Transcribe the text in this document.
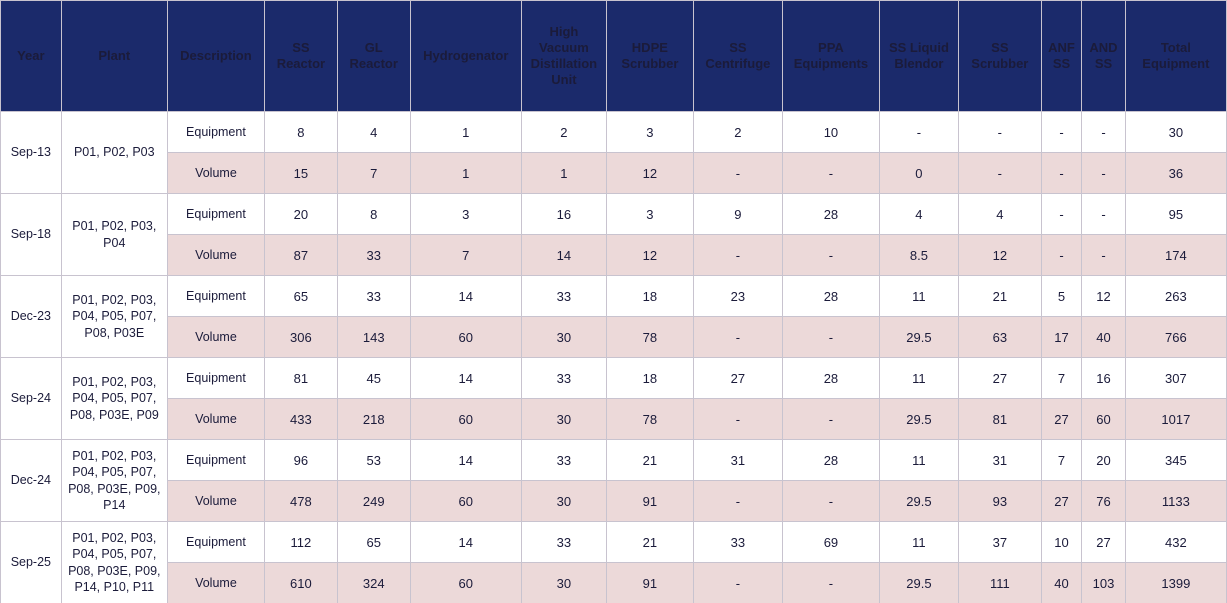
Year	Plant	Description	SS Reactor	GL Reactor	Hydrogenator	High Vacuum Distillation Unit	HDPE Scrubber	SS Centrifuge	PPA Equipments	SS Liquid Blendor	SS Scrubber	ANF SS	AND SS	Total Equipment
Sep-13	P01, P02, P03	Equipment	8	4	1	2	3	2	10	-	-	-	-	30
		Volume	15	7	1	1	12	-	-	0	-	-	-	36
Sep-18	P01, P02, P03, P04	Equipment	20	8	3	16	3	9	28	4	4	-	-	95
		Volume	87	33	7	14	12	-	-	8.5	12	-	-	174
Dec-23	P01, P02, P03, P04, P05, P07, P08, P03E	Equipment	65	33	14	33	18	23	28	11	21	5	12	263
		Volume	306	143	60	30	78	-	-	29.5	63	17	40	766
Sep-24	P01, P02, P03, P04, P05, P07, P08, P03E, P09	Equipment	81	45	14	33	18	27	28	11	27	7	16	307
		Volume	433	218	60	30	78	-	-	29.5	81	27	60	1017
Dec-24	P01, P02, P03, P04, P05, P07, P08, P03E, P09, P14	Equipment	96	53	14	33	21	31	28	11	31	7	20	345
		Volume	478	249	60	30	91	-	-	29.5	93	27	76	1133
Sep-25	P01, P02, P03, P04, P05, P07, P08, P03E, P09, P14, P10, P11	Equipment	112	65	14	33	21	33	69	11	37	10	27	432
		Volume	610	324	60	30	91	-	-	29.5	111	40	103	1399
